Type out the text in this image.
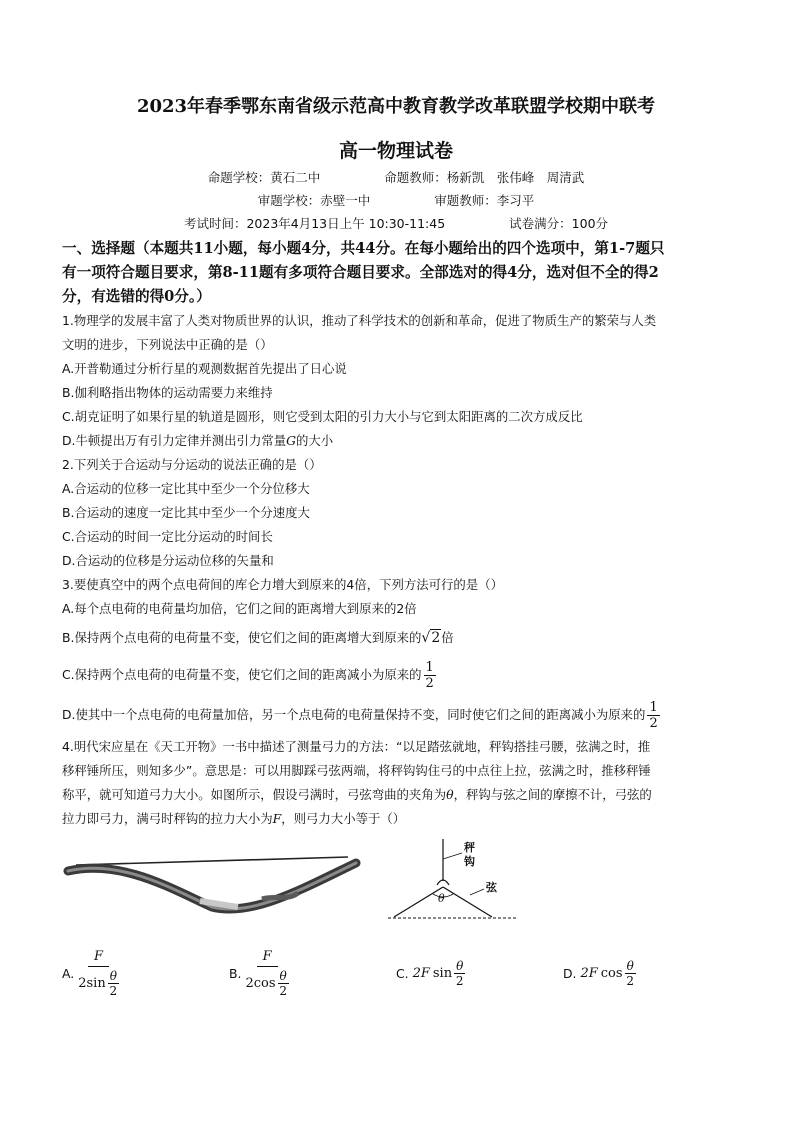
2023年春季鄂东南省级示范高中教育教学改革联盟学校期中联考
高一物理试卷
命题学校：黄石二中	命题教师：杨新凯　张伟峰　周清武
审题学校：赤壁一中	审题教师：李习平
考试时间：2023年4月13日上午 10:30-11:45	试卷满分：100分
一、选择题（本题共11小题，每小题4分，共44分。在每小题给出的四个选项中，第1-7题只
有一项符合题目要求，第8-11题有多项符合题目要求。全部选对的得4分，选对但不全的得2
分，有选错的得0分。）
1.物理学的发展丰富了人类对物质世界的认识，推动了科学技术的创新和革命，促进了物质生产的繁荣与人类
文明的进步，下列说法中正确的是（）
A.开普勒通过分析行星的观测数据首先提出了日心说
B.伽利略指出物体的运动需要力来维持
C.胡克证明了如果行星的轨道是圆形，则它受到太阳的引力大小与它到太阳距离的二次方成反比
D.牛顿提出万有引力定律并测出引力常量G的大小
2.下列关于合运动与分运动的说法正确的是（）
A.合运动的位移一定比其中至少一个分位移大
B.合运动的速度一定比其中至少一个分速度大
C.合运动的时间一定比分运动的时间长
D.合运动的位移是分运动位移的矢量和
3.要使真空中的两个点电荷间的库仑力增大到原来的4倍，下列方法可行的是（）
A.每个点电荷的电荷量均加倍，它们之间的距离增大到原来的2倍
B.保持两个点电荷的电荷量不变，使它们之间的距离增大到原来的 √2 倍
C.保持两个点电荷的电荷量不变，使它们之间的距离减小为原来的 $\frac{1}{2}$
D.使其中一个点电荷的电荷量加倍，另一个点电荷的电荷量保持不变，同时使它们之间的距离减小为原来的 $\frac{1}{2}$
4.明代宋应星在《天工开物》一书中描述了测量弓力的方法：“以足踏弦就地，秤钩搭挂弓腰，弦满之时，推
移秤锤所压，则知多少”。意思是：可以用脚踩弓弦两端，将秤钩钩住弓的中点往上拉，弦满之时，推移秤锤
称平，就可知道弓力大小。如图所示，假设弓满时，弓弦弯曲的夹角为θ，秤钩与弦之间的摩擦不计，弓弦的
拉力即弓力，满弓时秤钩的拉力大小为F，则弓力大小等于（）
秤
钩
弦
θ
A. F
2 sin θ
2	B. F
2 cos θ
2	C. 2F sin θ
2	D. 2F cos θ
2
